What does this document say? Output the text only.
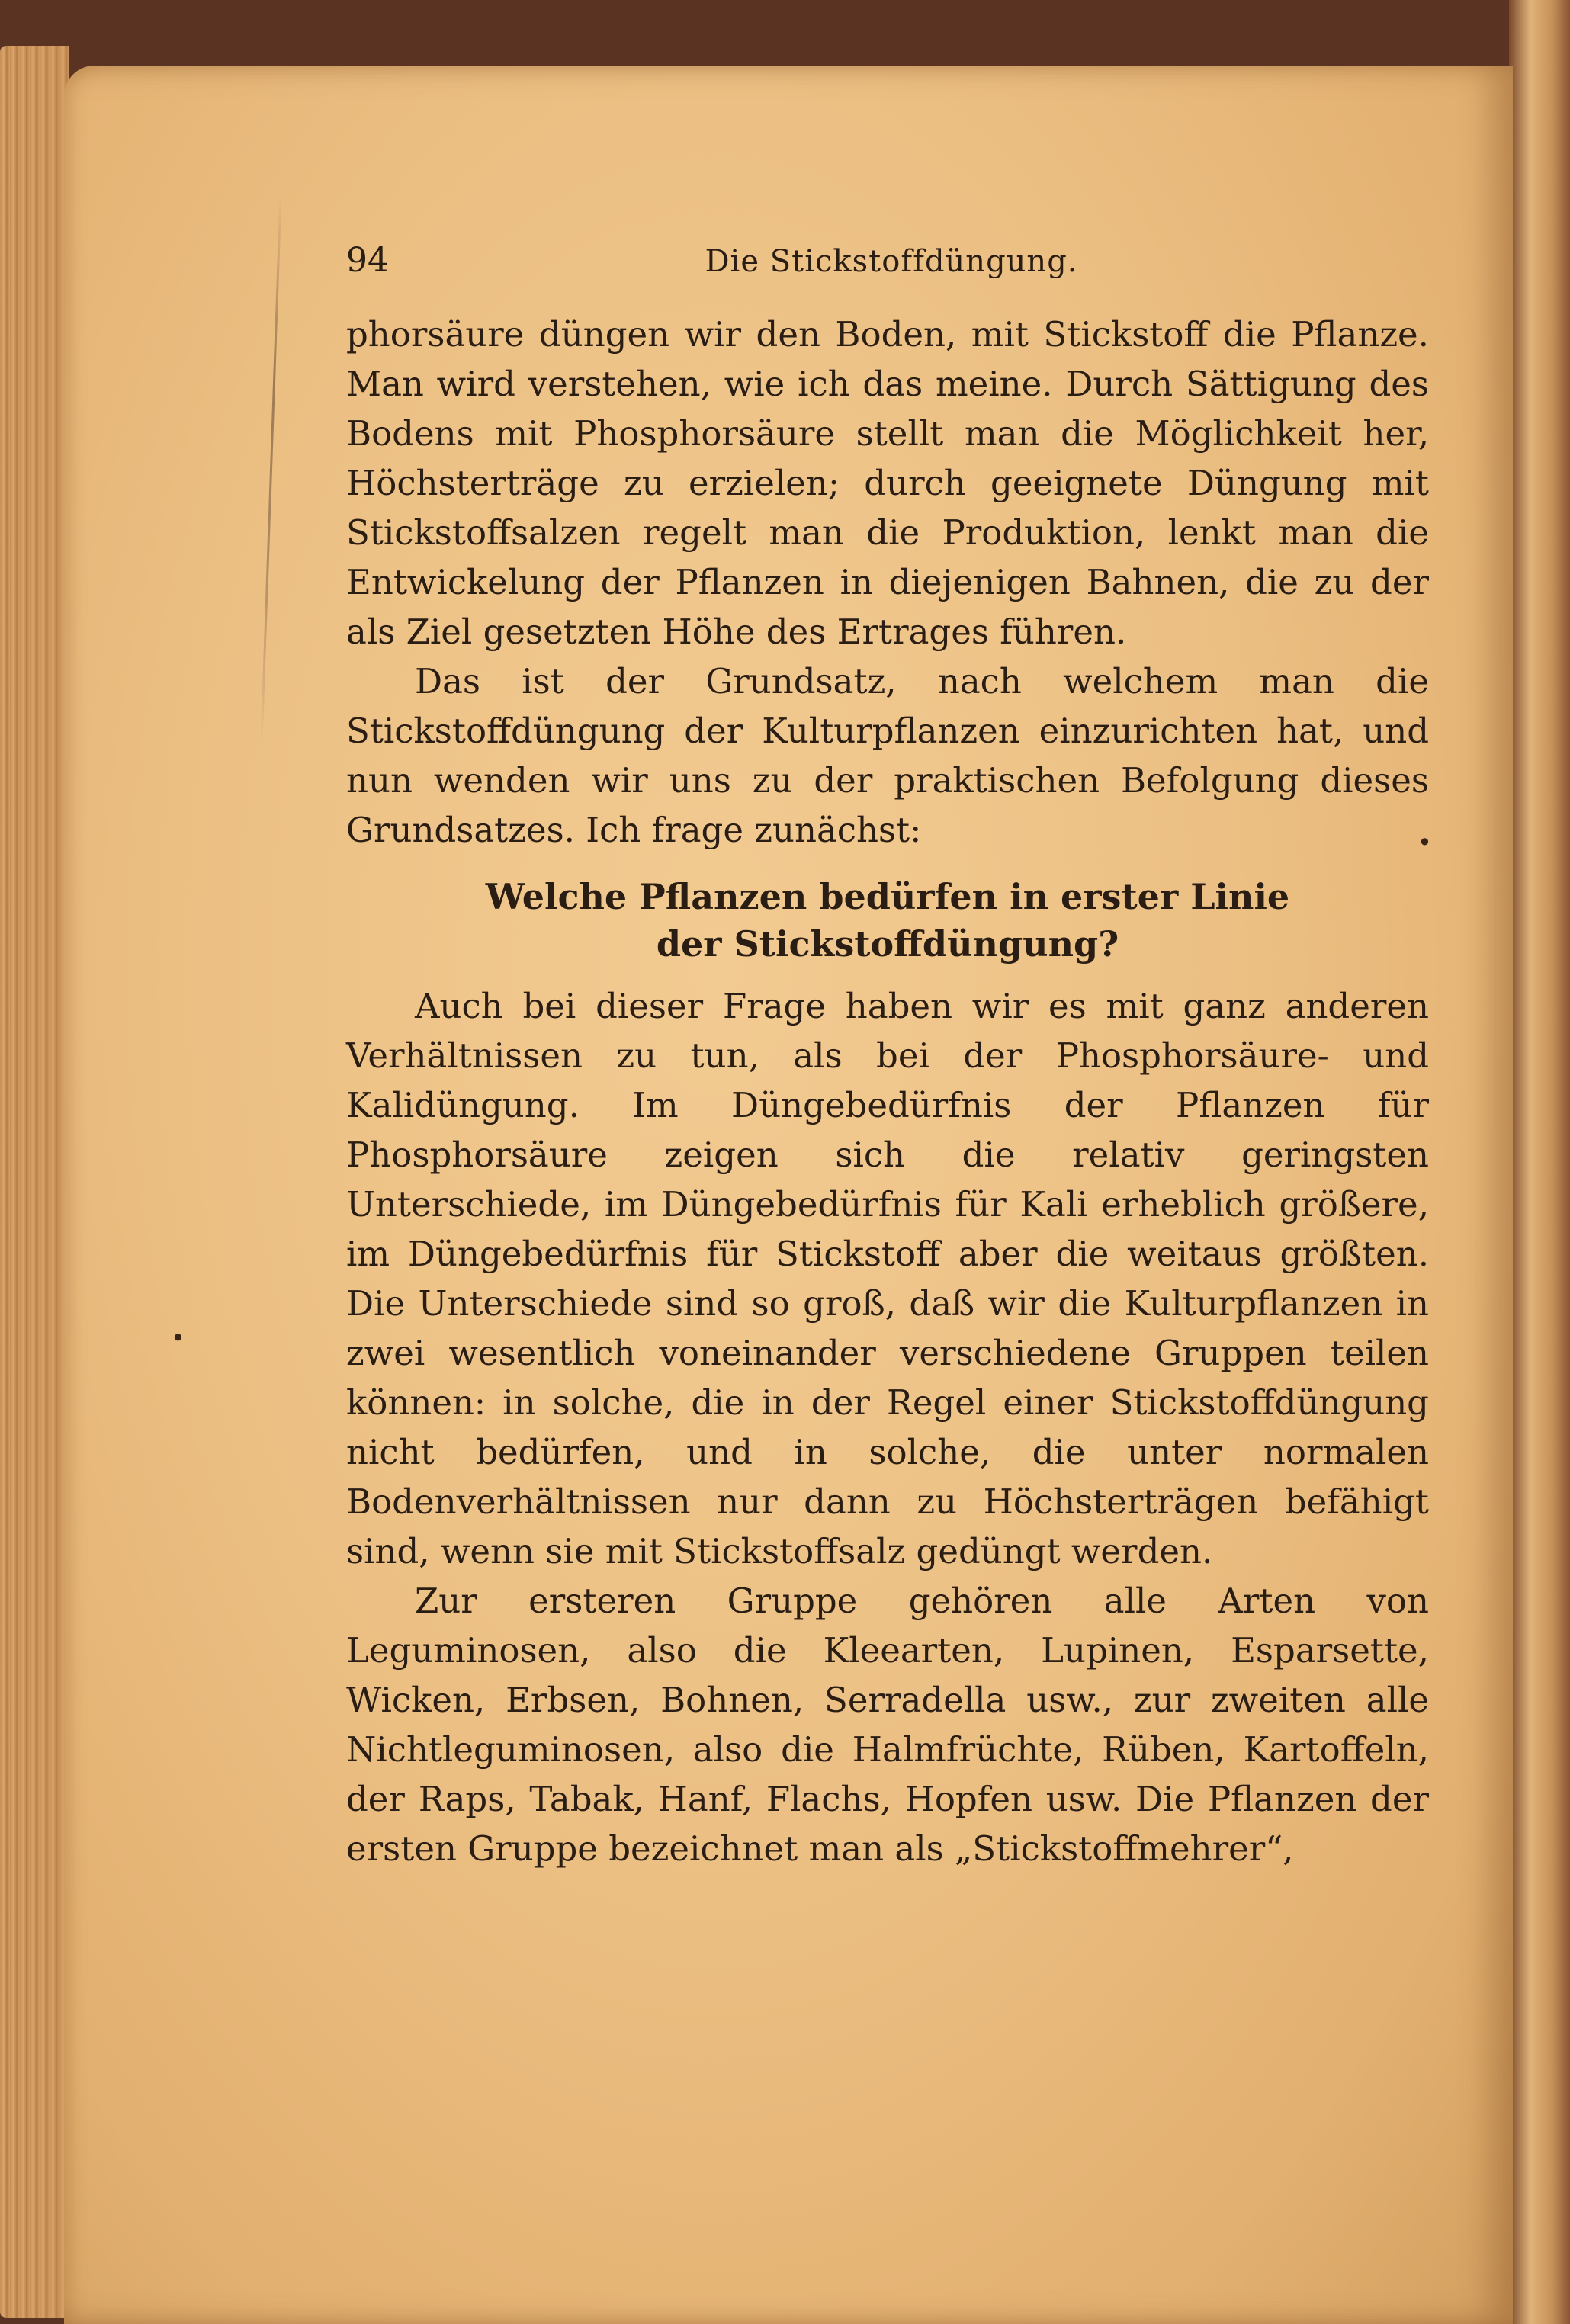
94	Die Stickstoffdüngung.

phorsäure düngen wir den Boden, mit Stickstoff die Pflanze. Man wird verstehen, wie ich das meine. Durch Sättigung des Bodens mit Phosphorsäure stellt man die Möglichkeit her, Höchsterträge zu erzielen; durch geeignete Düngung mit Stickstoffsalzen regelt man die Produktion, lenkt man die Entwickelung der Pflanzen in diejenigen Bahnen, die zu der als Ziel gesetzten Höhe des Ertrages führen.

Das ist der Grundsatz, nach welchem man die Stickstoffdüngung der Kulturpflanzen einzurichten hat, und nun wenden wir uns zu der praktischen Befolgung dieses Grundsatzes. Ich frage zunächst:

Welche Pflanzen bedürfen in erster Linie
der Stickstoffdüngung?

Auch bei dieser Frage haben wir es mit ganz anderen Verhältnissen zu tun, als bei der Phosphorsäure- und Kalidüngung. Im Düngebedürfnis der Pflanzen für Phosphorsäure zeigen sich die relativ geringsten Unterschiede, im Düngebedürfnis für Kali erheblich größere, im Düngebedürfnis für Stickstoff aber die weitaus größten. Die Unterschiede sind so groß, daß wir die Kulturpflanzen in zwei wesentlich voneinander verschiedene Gruppen teilen können: in solche, die in der Regel einer Stickstoffdüngung nicht bedürfen, und in solche, die unter normalen Bodenverhältnissen nur dann zu Höchsterträgen befähigt sind, wenn sie mit Stickstoffsalz gedüngt werden.

Zur ersteren Gruppe gehören alle Arten von Leguminosen, also die Kleearten, Lupinen, Esparsette, Wicken, Erbsen, Bohnen, Serradella usw., zur zweiten alle Nichtleguminosen, also die Halmfrüchte, Rüben, Kartoffeln, der Raps, Tabak, Hanf, Flachs, Hopfen usw. Die Pflanzen der ersten Gruppe bezeichnet man als „Stickstoffmehrer“,

•
•
